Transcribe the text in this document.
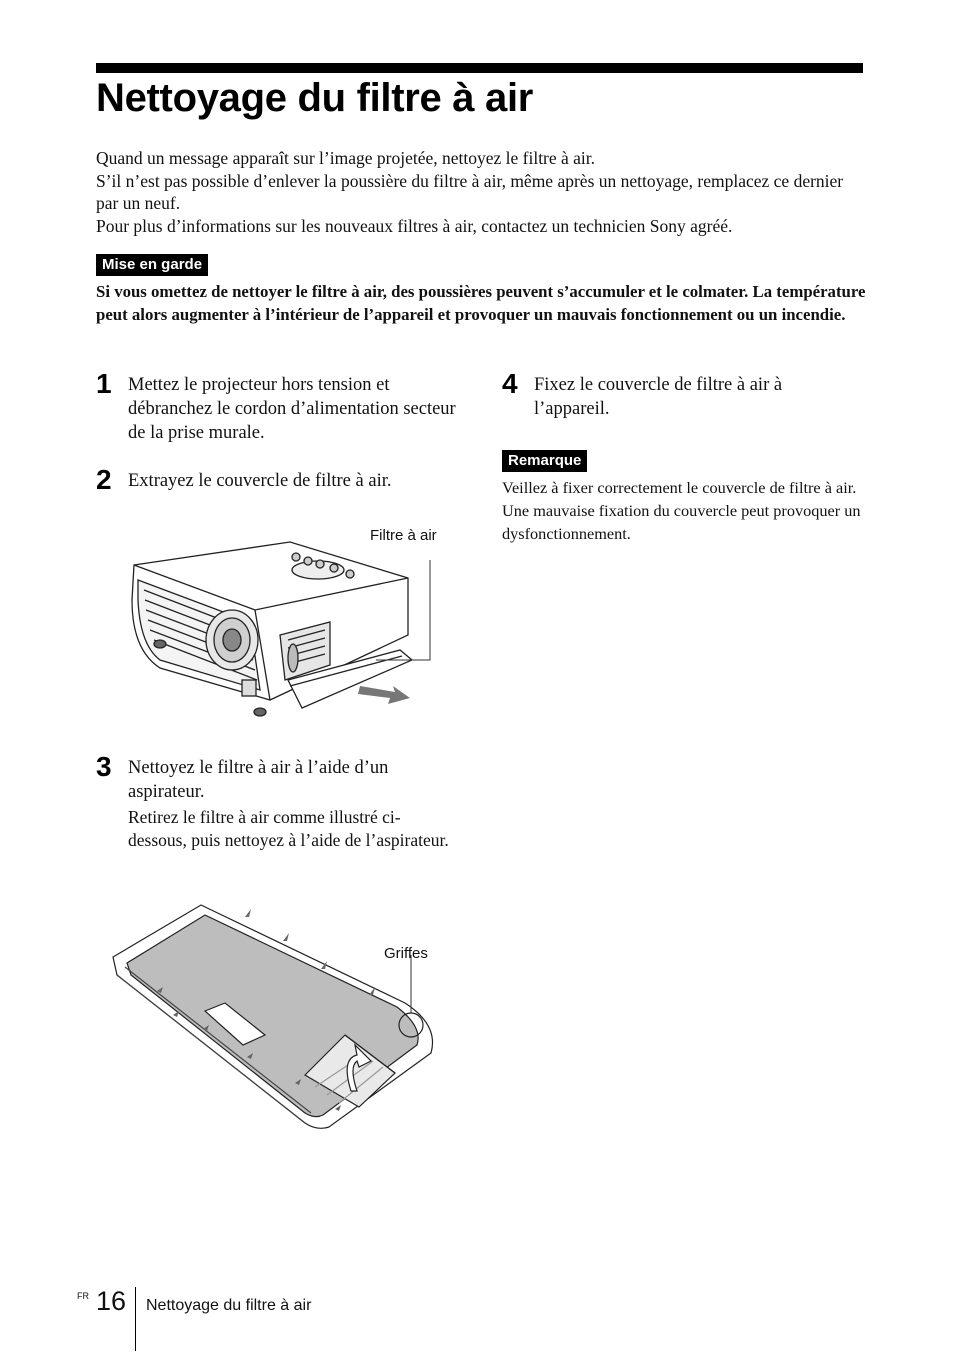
Nettoyage du filtre à air

Quand un message apparaît sur l’image projetée, nettoyez le filtre à air.

S’il n’est pas possible d’enlever la poussière du filtre à air, même après un nettoyage, remplacez ce dernier par un neuf.

Pour plus d’informations sur les nouveaux filtres à air, contactez un technicien Sony agréé.

Mise en garde

Si vous omettez de nettoyer le filtre à air, des poussières peuvent s’accumuler et le colmater. La température peut alors augmenter à l’intérieur de l’appareil et provoquer un mauvais fonctionnement ou un incendie.

1 Mettez le projecteur hors tension et débranchez le cordon d’alimentation secteur de la prise murale.

2 Extrayez le couvercle de filtre à air.

Filtre à air
3 Nettoyez le filtre à air à l’aide d’un aspirateur.

Retirez le filtre à air comme illustré ci-dessous, puis nettoyez à l’aide de l’aspirateur.

Griffes
4 Fixez le couvercle de filtre à air à l’appareil.

Remarque

Veillez à fixer correctement le couvercle de filtre à air. Une mauvaise fixation du couvercle peut provoquer un dysfonctionnement.

FR 16 Nettoyage du filtre à air
